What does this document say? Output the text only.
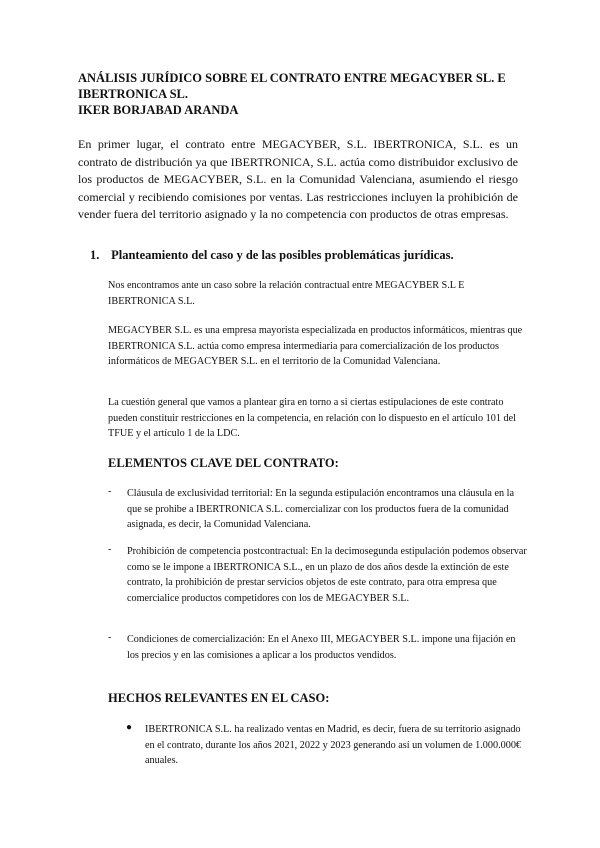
ANÁLISIS JURÍDICO SOBRE EL CONTRATO ENTRE MEGACYBER SL. E
IBERTRONICA SL.
IKER BORJABAD ARANDA
En primer lugar, el contrato entre MEGACYBER, S.L. IBERTRONICA, S.L. es un contrato de distribución ya que IBERTRONICA, S.L. actúa como distribuidor exclusivo de los productos de MEGACYBER, S.L. en la Comunidad Valenciana, asumiendo el riesgo comercial y recibiendo comisiones por ventas. Las restricciones incluyen la prohibición de vender fuera del territorio asignado y la no competencia con productos de otras empresas.
1. Planteamiento del caso y de las posibles problemáticas jurídicas.
Nos encontramos ante un caso sobre la relación contractual entre MEGACYBER S.L E IBERTRONICA S.L.
MEGACYBER S.L. es una empresa mayorista especializada en productos informáticos, mientras que IBERTRONICA S.L. actúa como empresa intermediaria para comercialización de los productos informáticos de MEGACYBER S.L. en el territorio de la Comunidad Valenciana.
La cuestión general que vamos a plantear gira en torno a si ciertas estipulaciones de este contrato pueden constituir restricciones en la competencia, en relación con lo dispuesto en el artículo 101 del TFUE y el artículo 1 de la LDC.
ELEMENTOS CLAVE DEL CONTRATO:
- Cláusula de exclusividad territorial: En la segunda estipulación encontramos una cláusula en la que se prohibe a IBERTRONICA S.L. comercializar con los productos fuera de la comunidad asignada, es decir, la Comunidad Valenciana.
- Prohibición de competencia postcontractual: En la decimosegunda estipulación podemos observar como se le impone a IBERTRONICA S.L., en un plazo de dos años desde la extinción de este contrato, la prohibición de prestar servicios objetos de este contrato, para otra empresa que comercialice productos competidores con los de MEGACYBER S.L.
- Condiciones de comercialización: En el Anexo III, MEGACYBER S.L. impone una fijación en los precios y en las comisiones a aplicar a los productos vendidos.
HECHOS RELEVANTES EN EL CASO:
● IBERTRONICA S.L. ha realizado ventas en Madrid, es decir, fuera de su territorio asignado en el contrato, durante los años 2021, 2022 y 2023 generando así un volumen de 1.000.000€ anuales.
